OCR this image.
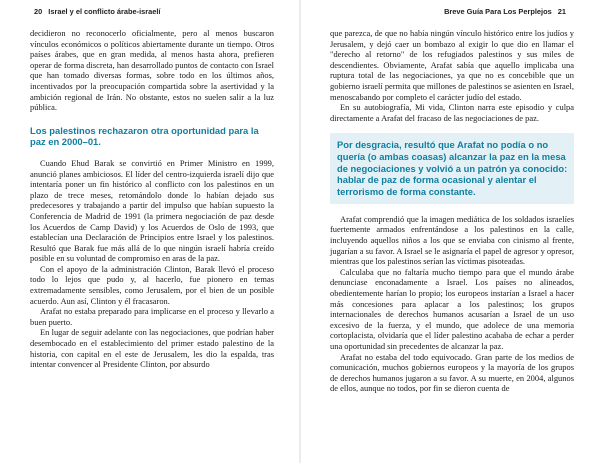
20 Israel y el conflicto árabe-israelí

decidieron no reconocerlo oficialmente, pero al menos buscaron vínculos económicos o políticos abiertamente durante un tiempo. Otros países árabes, que en gran medida, al menos hasta ahora, prefieren operar de forma discreta, han desarrollado puntos de contacto con Israel que han tomado diversas formas, sobre todo en los últimos años, incentivados por la preocupación compartida sobre la asertividad y la ambición regional de Irán. No obstante, estos no suelen salir a la luz pública.

Los palestinos rechazaron otra oportunidad para la paz en 2000–01.

Cuando Ehud Barak se convirtió en Primer Ministro en 1999, anunció planes ambiciosos. El líder del centro-izquierda israelí dijo que intentaría poner un fin histórico al conflicto con los palestinos en un plazo de trece meses, retomándolo donde lo habían dejado sus predecesores y trabajando a partir del impulso que habían supuesto la Conferencia de Madrid de 1991 (la primera negociación de paz desde los Acuerdos de Camp David) y los Acuerdos de Oslo de 1993, que establecían una Declaración de Principios entre Israel y los palestinos. Resultó que Barak fue más allá de lo que ningún israelí habría creído posible en su voluntad de compromiso en aras de la paz.

Con el apoyo de la administración Clinton, Barak llevó el proceso todo lo lejos que pudo y, al hacerlo, fue pionero en temas extremadamente sensibles, como Jerusalem, por el bien de un posible acuerdo. Aun así, Clinton y él fracasaron.

Arafat no estaba preparado para implicarse en el proceso y llevarlo a buen puerto.

En lugar de seguir adelante con las negociaciones, que podrían haber desembocado en el establecimiento del primer estado palestino de la historia, con capital en el este de Jerusalem, les dio la espalda, tras intentar convencer al Presidente Clinton, por absurdo

Breve Guía Para Los Perplejos 21

que parezca, de que no había ningún vínculo histórico entre los judíos y Jerusalem, y dejó caer un bombazo al exigir lo que dio en llamar el "derecho al retorno" de los refugiados palestinos y sus miles de descendientes. Obviamente, Arafat sabía que aquello implicaba una ruptura total de las negociaciones, ya que no es concebible que un gobierno israelí permita que millones de palestinos se asienten en Israel, menoscabando por completo el carácter judío del estado.

En su autobiografía, Mi vida, Clinton narra este episodio y culpa directamente a Arafat del fracaso de las negociaciones de paz.

Por desgracia, resultó que Arafat no podía o no quería (o ambas coasas) alcanzar la paz en la mesa de negociaciones y volvió a un patrón ya conocido: hablar de paz de forma ocasional y alentar el terrorismo de forma constante.

Arafat comprendió que la imagen mediática de los soldados israelíes fuertemente armados enfrentándose a los palestinos en la calle, incluyendo aquellos niños a los que se enviaba con cinismo al frente, jugarían a su favor. A Israel se le asignaría el papel de agresor y opresor, mientras que los palestinos serían las víctimas pisoteadas.

Calculaba que no faltaría mucho tiempo para que el mundo árabe denunciase enconadamente a Israel. Los países no alineados, obedientemente harían lo propio; los europeos instarían a Israel a hacer más concesiones para aplacar a los palestinos; los grupos internacionales de derechos humanos acusarían a Israel de un uso excesivo de la fuerza, y el mundo, que adolece de una memoria cortoplacista, olvidaría que el líder palestino acababa de echar a perder una oportunidad sin precedentes de alcanzar la paz.

Arafat no estaba del todo equivocado. Gran parte de los medios de comunicación, muchos gobiernos europeos y la mayoría de los grupos de derechos humanos jugaron a su favor. A su muerte, en 2004, algunos de ellos, aunque no todos, por fin se dieron cuenta de
